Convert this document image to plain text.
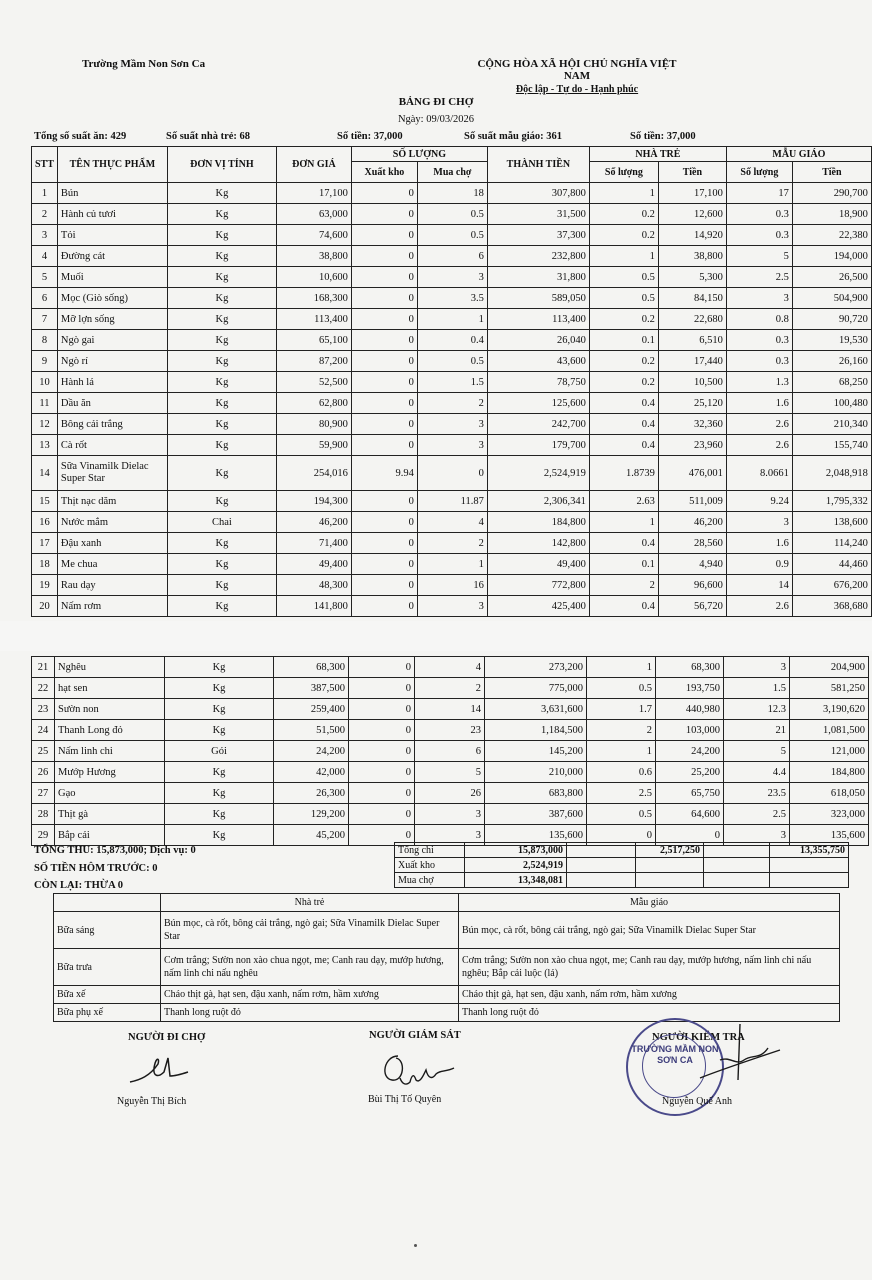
Trường Mầm Non Sơn Ca	CỘNG HÒA XÃ HỘI CHỦ NGHĨA VIỆT NAM
Độc lập - Tự do - Hạnh phúc
BẢNG ĐI CHỢ
Ngày: 09/03/2026
Tổng số suất ăn: 429	Số suất nhà trẻ: 68	Số tiền: 37,000	Số suất mẫu giáo: 361	Số tiền: 37,000
STT	TÊN THỰC PHẨM	ĐƠN VỊ TÍNH	ĐƠN GIÁ	SỐ LƯỢNG		THÀNH TIỀN	NHÀ TRẺ		MẪU GIÁO	
				Xuất kho	Mua chợ		Số lượng	Tiền	Số lượng	Tiền
1	Bún	Kg	17,100	0	18	307,800	1	17,100	17	290,700
2	Hành củ tươi	Kg	63,000	0	0.5	31,500	0.2	12,600	0.3	18,900
3	Tỏi	Kg	74,600	0	0.5	37,300	0.2	14,920	0.3	22,380
4	Đường cát	Kg	38,800	0	6	232,800	1	38,800	5	194,000
5	Muối	Kg	10,600	0	3	31,800	0.5	5,300	2.5	26,500
6	Mọc (Giò sống)	Kg	168,300	0	3.5	589,050	0.5	84,150	3	504,900
7	Mỡ lợn sống	Kg	113,400	0	1	113,400	0.2	22,680	0.8	90,720
8	Ngò gai	Kg	65,100	0	0.4	26,040	0.1	6,510	0.3	19,530
9	Ngò rí	Kg	87,200	0	0.5	43,600	0.2	17,440	0.3	26,160
10	Hành lá	Kg	52,500	0	1.5	78,750	0.2	10,500	1.3	68,250
11	Dầu ăn	Kg	62,800	0	2	125,600	0.4	25,120	1.6	100,480
12	Bông cải trắng	Kg	80,900	0	3	242,700	0.4	32,360	2.6	210,340
13	Cà rốt	Kg	59,900	0	3	179,700	0.4	23,960	2.6	155,740
14	Sữa Vinamilk Dielac Super Star	Kg	254,016	9.94	0	2,524,919	1.8739	476,001	8.0661	2,048,918
15	Thịt nạc dăm	Kg	194,300	0	11.87	2,306,341	2.63	511,009	9.24	1,795,332
16	Nước mắm	Chai	46,200	0	4	184,800	1	46,200	3	138,600
17	Đậu xanh	Kg	71,400	0	2	142,800	0.4	28,560	1.6	114,240
18	Me chua	Kg	49,400	0	1	49,400	0.1	4,940	0.9	44,460
19	Rau dạy	Kg	48,300	0	16	772,800	2	96,600	14	676,200
20	Nấm rơm	Kg	141,800	0	3	425,400	0.4	56,720	2.6	368,680
21	Nghêu	Kg	68,300	0	4	273,200	1	68,300	3	204,900
22	hạt sen	Kg	387,500	0	2	775,000	0.5	193,750	1.5	581,250
23	Sườn non	Kg	259,400	0	14	3,631,600	1.7	440,980	12.3	3,190,620
24	Thanh Long đỏ	Kg	51,500	0	23	1,184,500	2	103,000	21	1,081,500
25	Nấm linh chi	Gói	24,200	0	6	145,200	1	24,200	5	121,000
26	Mướp Hương	Kg	42,000	0	5	210,000	0.6	25,200	4.4	184,800
27	Gạo	Kg	26,300	0	26	683,800	2.5	65,750	23.5	618,050
28	Thịt gà	Kg	129,200	0	3	387,600	0.5	64,600	2.5	323,000
29	Bắp cải	Kg	45,200	0	3	135,600	0	0	3	135,600
TỔNG THU: 15,873,000; Dịch vụ: 0
SỐ TIỀN HÔM TRƯỚC: 0
CÒN LẠI: THỪA 0
Tổng chi	15,873,000		2,517,250		13,355,750
Xuất kho	2,524,919				
Mua chợ	13,348,081				
	Nhà trẻ	Mẫu giáo
Bữa sáng	Bún mọc, cà rốt, bông cải trắng, ngò gai; Sữa Vinamilk Dielac Super Star	Bún mọc, cà rốt, bông cải trắng, ngò gai; Sữa Vinamilk Dielac Super Star
Bữa trưa	Cơm trắng; Sườn non xào chua ngọt, me; Canh rau dạy, mướp hương, nấm linh chi nấu nghêu	Cơm trắng; Sườn non xào chua ngọt, me; Canh rau dạy, mướp hương, nấm linh chi nấu nghêu; Bắp cải luộc (lá)
Bữa xế	Cháo thịt gà, hạt sen, đậu xanh, nấm rơm, hầm xương	Cháo thịt gà, hạt sen, đậu xanh, nấm rơm, hầm xương
Bữa phụ xế	Thanh long ruột đỏ	Thanh long ruột đỏ
NGƯỜI ĐI CHỢ
Nguyễn Thị Bích
NGƯỜI GIÁM SÁT
Bùi Thị Tố Quyên
NGƯỜI KIỂM TRA
TRƯỜNG MẦM NON SƠN CA
Nguyễn Quế Anh
